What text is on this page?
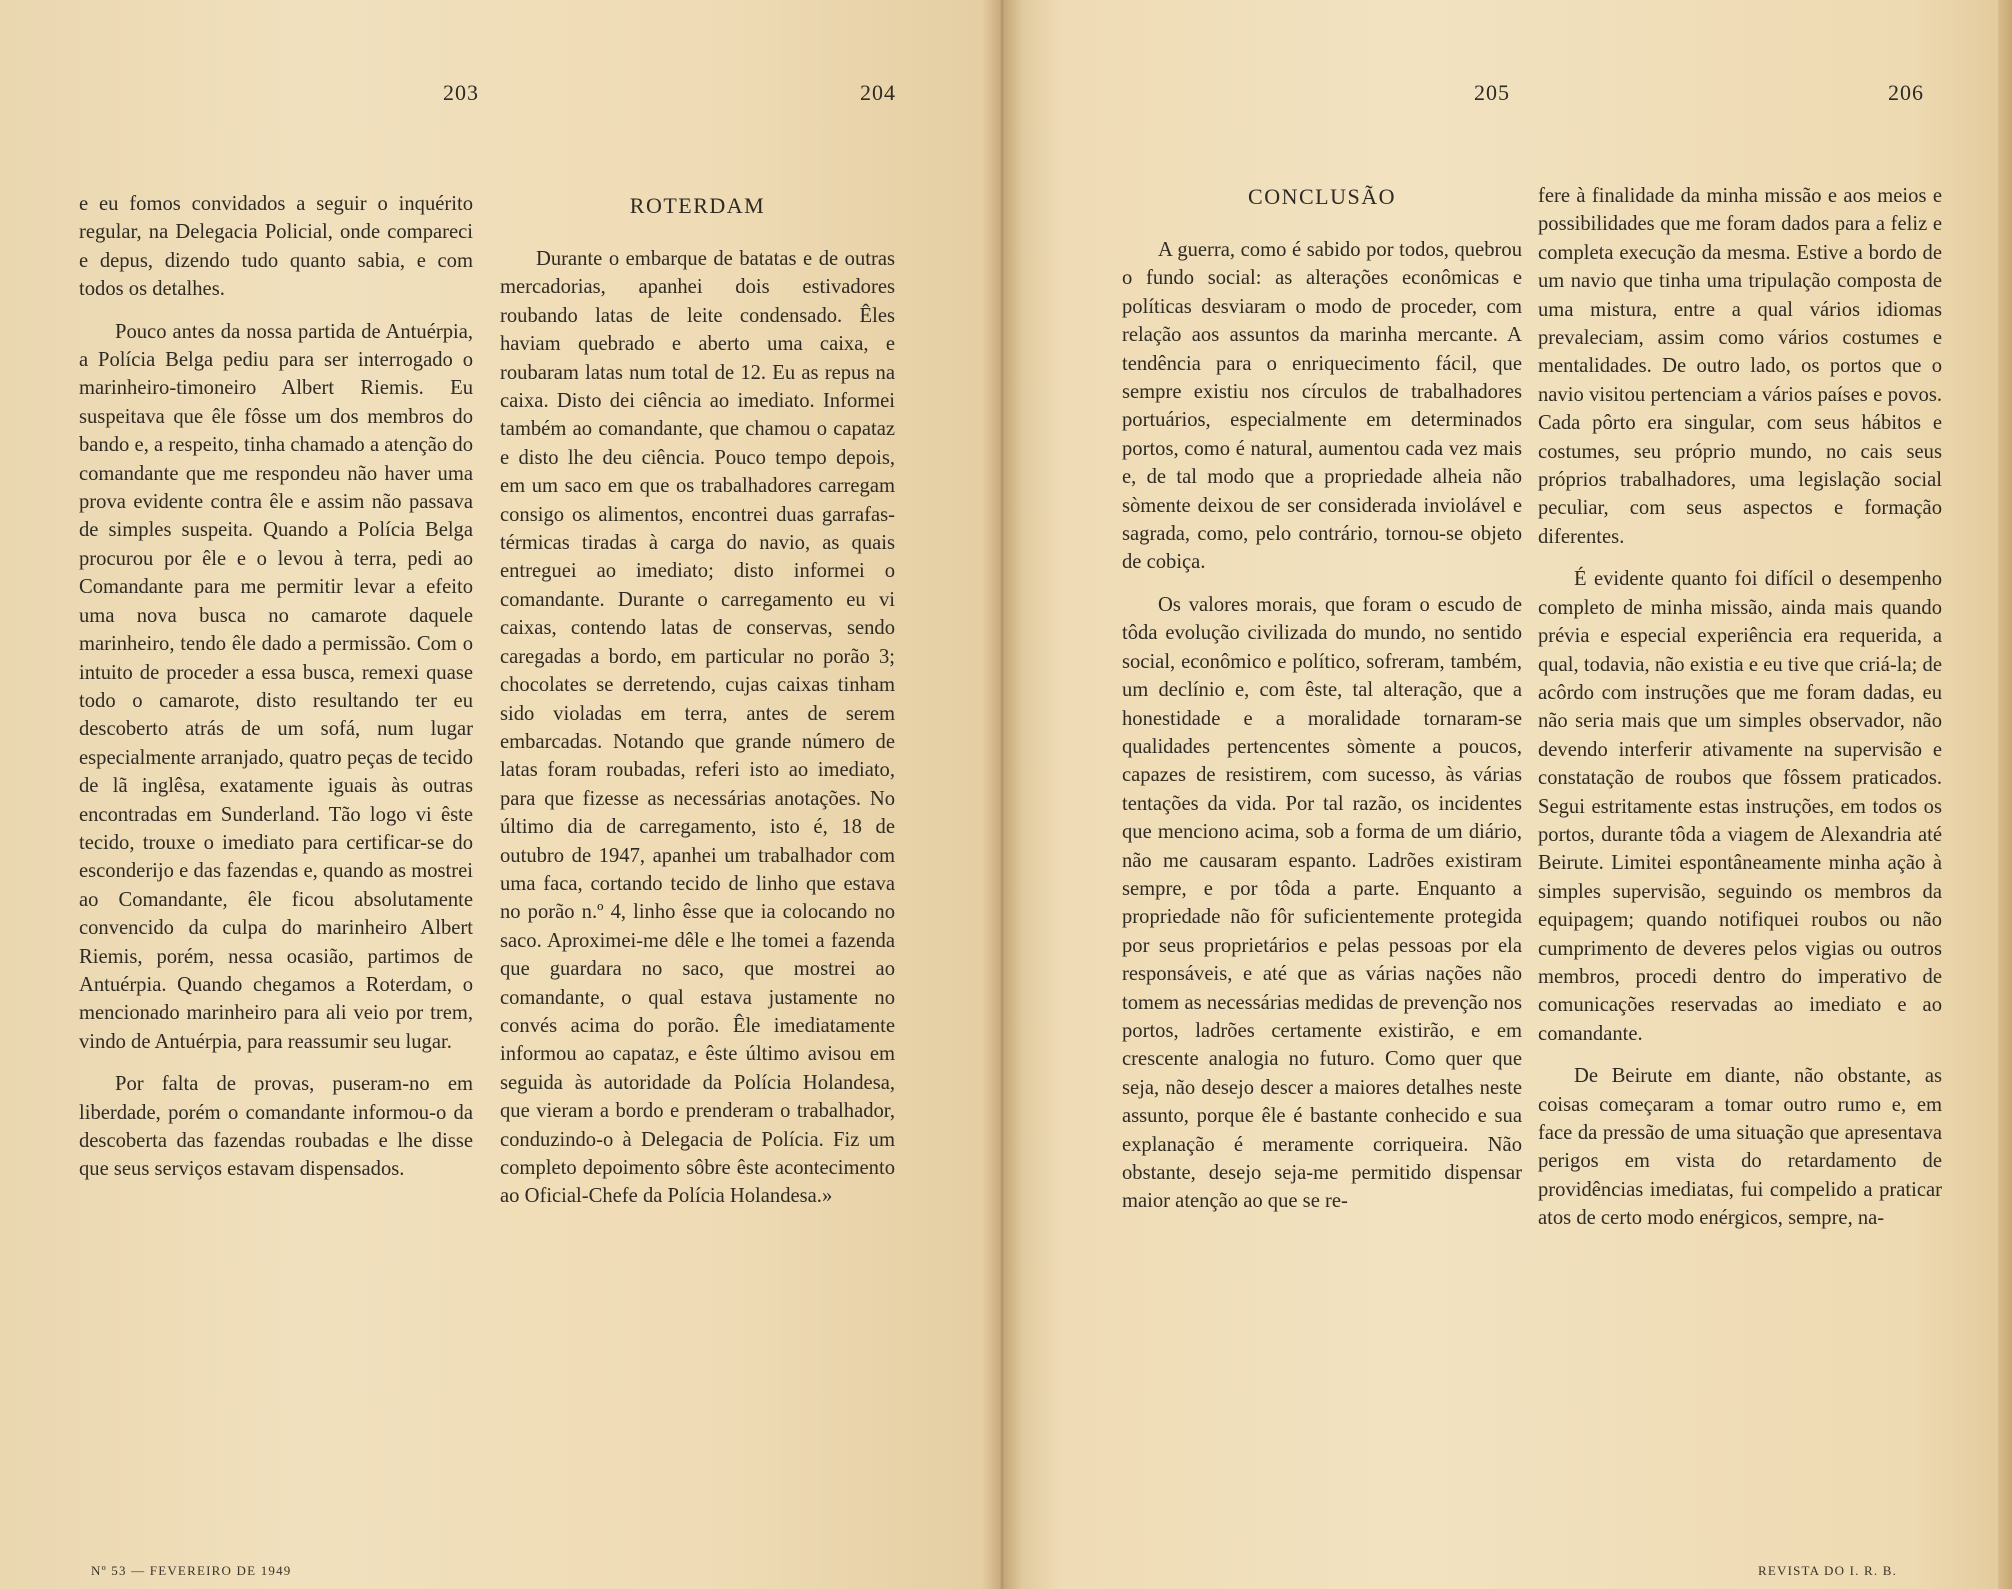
203	204	205	206

e eu fomos convidados a seguir o inquérito regular, na Delegacia Policial, onde compareci e depus, dizendo tudo quanto sabia, e com todos os detalhes.

Pouco antes da nossa partida de Antuérpia, a Polícia Belga pediu para ser interrogado o marinheiro-timoneiro Albert Riemis. Eu suspeitava que êle fôsse um dos membros do bando e, a respeito, tinha chamado a atenção do comandante que me respondeu não haver uma prova evidente contra êle e assim não passava de simples suspeita. Quando a Polícia Belga procurou por êle e o levou à terra, pedi ao Comandante para me permitir levar a efeito uma nova busca no camarote daquele marinheiro, tendo êle dado a permissão. Com o intuito de proceder a essa busca, remexi quase todo o camarote, disto resultando ter eu descoberto atrás de um sofá, num lugar especialmente arranjado, quatro peças de tecido de lã inglêsa, exatamente iguais às outras encontradas em Sunderland. Tão logo vi êste tecido, trouxe o imediato para certificar-se do esconderijo e das fazendas e, quando as mostrei ao Comandante, êle ficou absolutamente convencido da culpa do marinheiro Albert Riemis, porém, nessa ocasião, partimos de Antuérpia. Quando chegamos a Roterdam, o mencionado marinheiro para ali veio por trem, vindo de Antuérpia, para reassumir seu lugar.

Por falta de provas, puseram-no em liberdade, porém o comandante informou-o da descoberta das fazendas roubadas e lhe disse que seus serviços estavam dispensados.

ROTERDAM

Durante o embarque de batatas e de outras mercadorias, apanhei dois estivadores roubando latas de leite condensado. Êles haviam quebrado e aberto uma caixa, e roubaram latas num total de 12. Eu as repus na caixa. Disto dei ciência ao imediato. Informei também ao comandante, que chamou o capataz e disto lhe deu ciência. Pouco tempo depois, em um saco em que os trabalhadores carregam consigo os alimentos, encontrei duas garrafas-térmicas tiradas à carga do navio, as quais entreguei ao imediato; disto informei o comandante. Durante o carregamento eu vi caixas, contendo latas de conservas, sendo caregadas a bordo, em particular no porão 3; chocolates se derretendo, cujas caixas tinham sido violadas em terra, antes de serem embarcadas. Notando que grande número de latas foram roubadas, referi isto ao imediato, para que fizesse as necessárias anotações. No último dia de carregamento, isto é, 18 de outubro de 1947, apanhei um trabalhador com uma faca, cortando tecido de linho que estava no porão n.º 4, linho êsse que ia colocando no saco. Aproximei-me dêle e lhe tomei a fazenda que guardara no saco, que mostrei ao comandante, o qual estava justamente no convés acima do porão. Êle imediatamente informou ao capataz, e êste último avisou em seguida às autoridade da Polícia Holandesa, que vieram a bordo e prenderam o trabalhador, conduzindo-o à Delegacia de Polícia. Fiz um completo depoimento sôbre êste acontecimento ao Oficial-Chefe da Polícia Holandesa.»

CONCLUSÃO

A guerra, como é sabido por todos, quebrou o fundo social: as alterações econômicas e políticas desviaram o modo de proceder, com relação aos assuntos da marinha mercante. A tendência para o enriquecimento fácil, que sempre existiu nos círculos de trabalhadores portuários, especialmente em determinados portos, como é natural, aumentou cada vez mais e, de tal modo que a propriedade alheia não sòmente deixou de ser considerada inviolável e sagrada, como, pelo contrário, tornou-se objeto de cobiça.

Os valores morais, que foram o escudo de tôda evolução civilizada do mundo, no sentido social, econômico e político, sofreram, também, um declínio e, com êste, tal alteração, que a honestidade e a moralidade tornaram-se qualidades pertencentes sòmente a poucos, capazes de resistirem, com sucesso, às várias tentações da vida. Por tal razão, os incidentes que menciono acima, sob a forma de um diário, não me causaram espanto. Ladrões existiram sempre, e por tôda a parte. Enquanto a propriedade não fôr suficientemente protegida por seus proprietários e pelas pessoas por ela responsáveis, e até que as várias nações não tomem as necessárias medidas de prevenção nos portos, ladrões certamente existirão, e em crescente analogia no futuro. Como quer que seja, não desejo descer a maiores detalhes neste assunto, porque êle é bastante conhecido e sua explanação é meramente corriqueira. Não obstante, desejo seja-me permitido dispensar maior atenção ao que se re-

fere à finalidade da minha missão e aos meios e possibilidades que me foram dados para a feliz e completa execução da mesma. Estive a bordo de um navio que tinha uma tripulação composta de uma mistura, entre a qual vários idiomas prevaleciam, assim como vários costumes e mentalidades. De outro lado, os portos que o navio visitou pertenciam a vários países e povos. Cada pôrto era singular, com seus hábitos e costumes, seu próprio mundo, no cais seus próprios trabalhadores, uma legislação social peculiar, com seus aspectos e formação diferentes.

É evidente quanto foi difícil o desempenho completo de minha missão, ainda mais quando prévia e especial experiência era requerida, a qual, todavia, não existia e eu tive que criá-la; de acôrdo com instruções que me foram dadas, eu não seria mais que um simples observador, não devendo interferir ativamente na supervisão e constatação de roubos que fôssem praticados. Segui estritamente estas instruções, em todos os portos, durante tôda a viagem de Alexandria até Beirute. Limitei espontâneamente minha ação à simples supervisão, seguindo os membros da equipagem; quando notifiquei roubos ou não cumprimento de deveres pelos vigias ou outros membros, procedi dentro do imperativo de comunicações reservadas ao imediato e ao comandante.

De Beirute em diante, não obstante, as coisas começaram a tomar outro rumo e, em face da pressão de uma situação que apresentava perigos em vista do retardamento de providências imediatas, fui compelido a praticar atos de certo modo enérgicos, sempre, na-

Nº 53 — FEVEREIRO DE 1949	REVISTA DO I. R. B.
